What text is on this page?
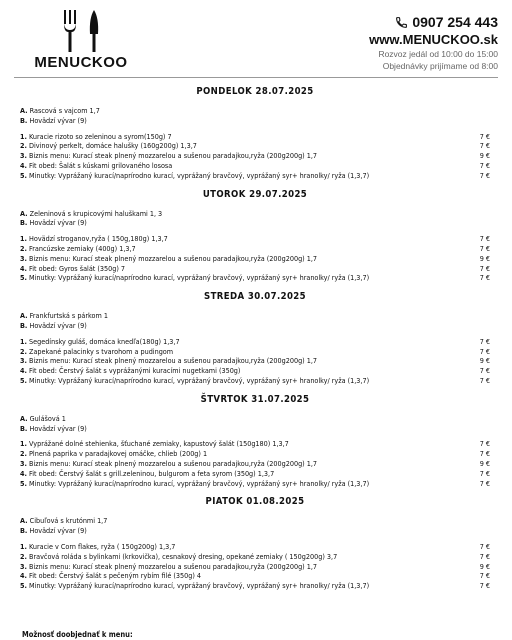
MENUCKOO
0907 254 443
www.MENUCKOO.sk
Rozvoz jedál od 10:00 do 15:00
Objednávky prijímame od 8:00
PONDELOK 28.07.2025
A. Rascová s vajcom 1,7
B. Hovädzí vývar (9)
1. Kuracie rizoto so zeleninou a syrom(150g) 7	7 €
2. Divinový perkelt, domáce halušky (160g200g) 1,3,7	7 €
3. Biznis menu: Kurací steak plnený mozzarelou a sušenou paradajkou,ryža (200g200g) 1,7	9 €
4. Fit obed: Šalát s kúskami grilovaného lososa	7 €
5. Minutky: Vyprážaný kurací/naprírodno kurací, vyprážaný bravčový, vyprážaný syr+ hranolky/ ryža (1,3,7)	7 €
UTOROK 29.07.2025
A. Zeleninová s krupicovými haluškami 1, 3
B. Hovädzí vývar (9)
1. Hovädzí stroganov,ryža ( 150g,180g) 1,3,7	7 €
2. Francúzske zemiaky (400g) 1,3,7	7 €
3. Biznis menu: Kurací steak plnený mozzarelou a sušenou paradajkou,ryža (200g200g) 1,7	9 €
4. Fit obed: Gyros šalát (350g) 7	7 €
5. Minutky: Vyprážaný kurací/naprírodno kurací, vyprážaný bravčový, vyprážaný syr+ hranolky/ ryža (1,3,7)	7 €
STREDA 30.07.2025
A. Frankfurtská s párkom 1
B. Hovädzí vývar (9)
1. Segedínsky guláš, domáca knedľa(180g) 1,3,7	7 €
2. Zapekané palacinky s tvarohom a pudingom	7 €
3. Biznis menu: Kurací steak plnený mozzarelou a sušenou paradajkou,ryža (200g200g) 1,7	9 €
4. Fit obed: Čerstvý šalát s vyprážanými kuracími nugetkami (350g)	7 €
5. Minutky: Vyprážaný kurací/naprírodno kurací, vyprážaný bravčový, vyprážaný syr+ hranolky/ ryža (1,3,7)	7 €
ŠTVRTOK 31.07.2025
A. Gulášová 1
B. Hovädzí vývar (9)
1. Vyprážané dolné stehienka, šťuchané zemiaky, kapustový šalát (150g180) 1,3,7	7 €
2. Plnená paprika v paradajkovej omáčke, chlieb (200g) 1	7 €
3. Biznis menu: Kurací steak plnený mozzarelou a sušenou paradajkou,ryža (200g200g) 1,7	9 €
4. Fit obed: Čerstvý šalát s grill.zeleninou, bulgurom a feta syrom (350g) 1,3,7	7 €
5. Minutky: Vyprážaný kurací/naprírodno kurací, vyprážaný bravčový, vyprážaný syr+ hranolky/ ryža (1,3,7)	7 €
PIATOK 01.08.2025
A. Cibuľová s krutónmi 1,7
B. Hovädzí vývar (9)
1. Kuracie v Corn flakes, ryža ( 150g200g) 1,3,7	7 €
2. Bravčová roláda s bylinkami (krkovička), cesnakový dresing, opekané zemiaky ( 150g200g) 3,7	7 €
3. Biznis menu: Kurací steak plnený mozzarelou a sušenou paradajkou,ryža (200g200g) 1,7	9 €
4. Fit obed: Čerstvý šalát s pečeným rybím filé (350g) 4	7 €
5. Minutky: Vyprážaný kurací/naprírodno kurací, vyprážaný bravčový, vyprážaný syr+ hranolky/ ryža (1,3,7)	7 €
Možnosť doobjednať k menu:
